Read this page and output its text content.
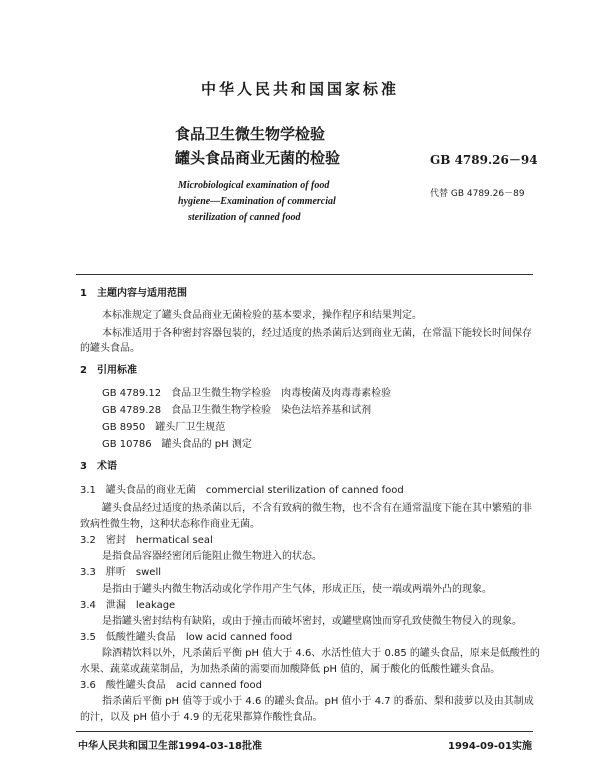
中华人民共和国国家标准
食品卫生微生物学检验
罐头食品商业无菌的检验	GB 4789.26－94
代替 GB 4789.26－89
Microbiological examination of food
hygiene—Examination of commercial
sterilization of canned food
1　主题内容与适用范围
本标准规定了罐头食品商业无菌检验的基本要求，操作程序和结果判定。
本标准适用于各种密封容器包装的，经过适度的热杀菌后达到商业无菌，在常温下能较长时间保存
的罐头食品。
2　引用标准
GB 4789.12　食品卫生微生物学检验　肉毒梭菌及肉毒毒素检验
GB 4789.28　食品卫生微生物学检验　染色法培养基和试剂
GB 8950　罐头厂卫生规范
GB 10786　罐头食品的 pH 测定
3　术语
3.1　罐头食品的商业无菌　commercial sterilization of canned food
罐头食品经过适度的热杀菌以后，不含有致病的微生物，也不含有在通常温度下能在其中繁殖的非
致病性微生物，这种状态称作商业无菌。
3.2　密封　hermatical seal
是指食品容器经密闭后能阻止微生物进入的状态。
3.3　胖听　swell
是指由于罐头内微生物活动或化学作用产生气体，形成正压，使一端或两端外凸的现象。
3.4　泄漏　leakage
是指罐头密封结构有缺陷，或由于撞击而破坏密封，或罐壁腐蚀而穿孔致使微生物侵入的现象。
3.5　低酸性罐头食品　low acid canned food
除酒精饮料以外，凡杀菌后平衡 pH 值大于 4.6、水活性值大于 0.85 的罐头食品，原来是低酸性的
水果、蔬菜或蔬菜制品，为加热杀菌的需要而加酸降低 pH 值的，属于酸化的低酸性罐头食品。
3.6　酸性罐头食品　acid canned food
指杀菌后平衡 pH 值等于或小于 4.6 的罐头食品。pH 值小于 4.7 的番茄、梨和菠萝以及由其制成
的汁，以及 pH 值小于 4.9 的无花果都算作酸性食品。
中华人民共和国卫生部1994-03-18批准	1994-09-01实施
